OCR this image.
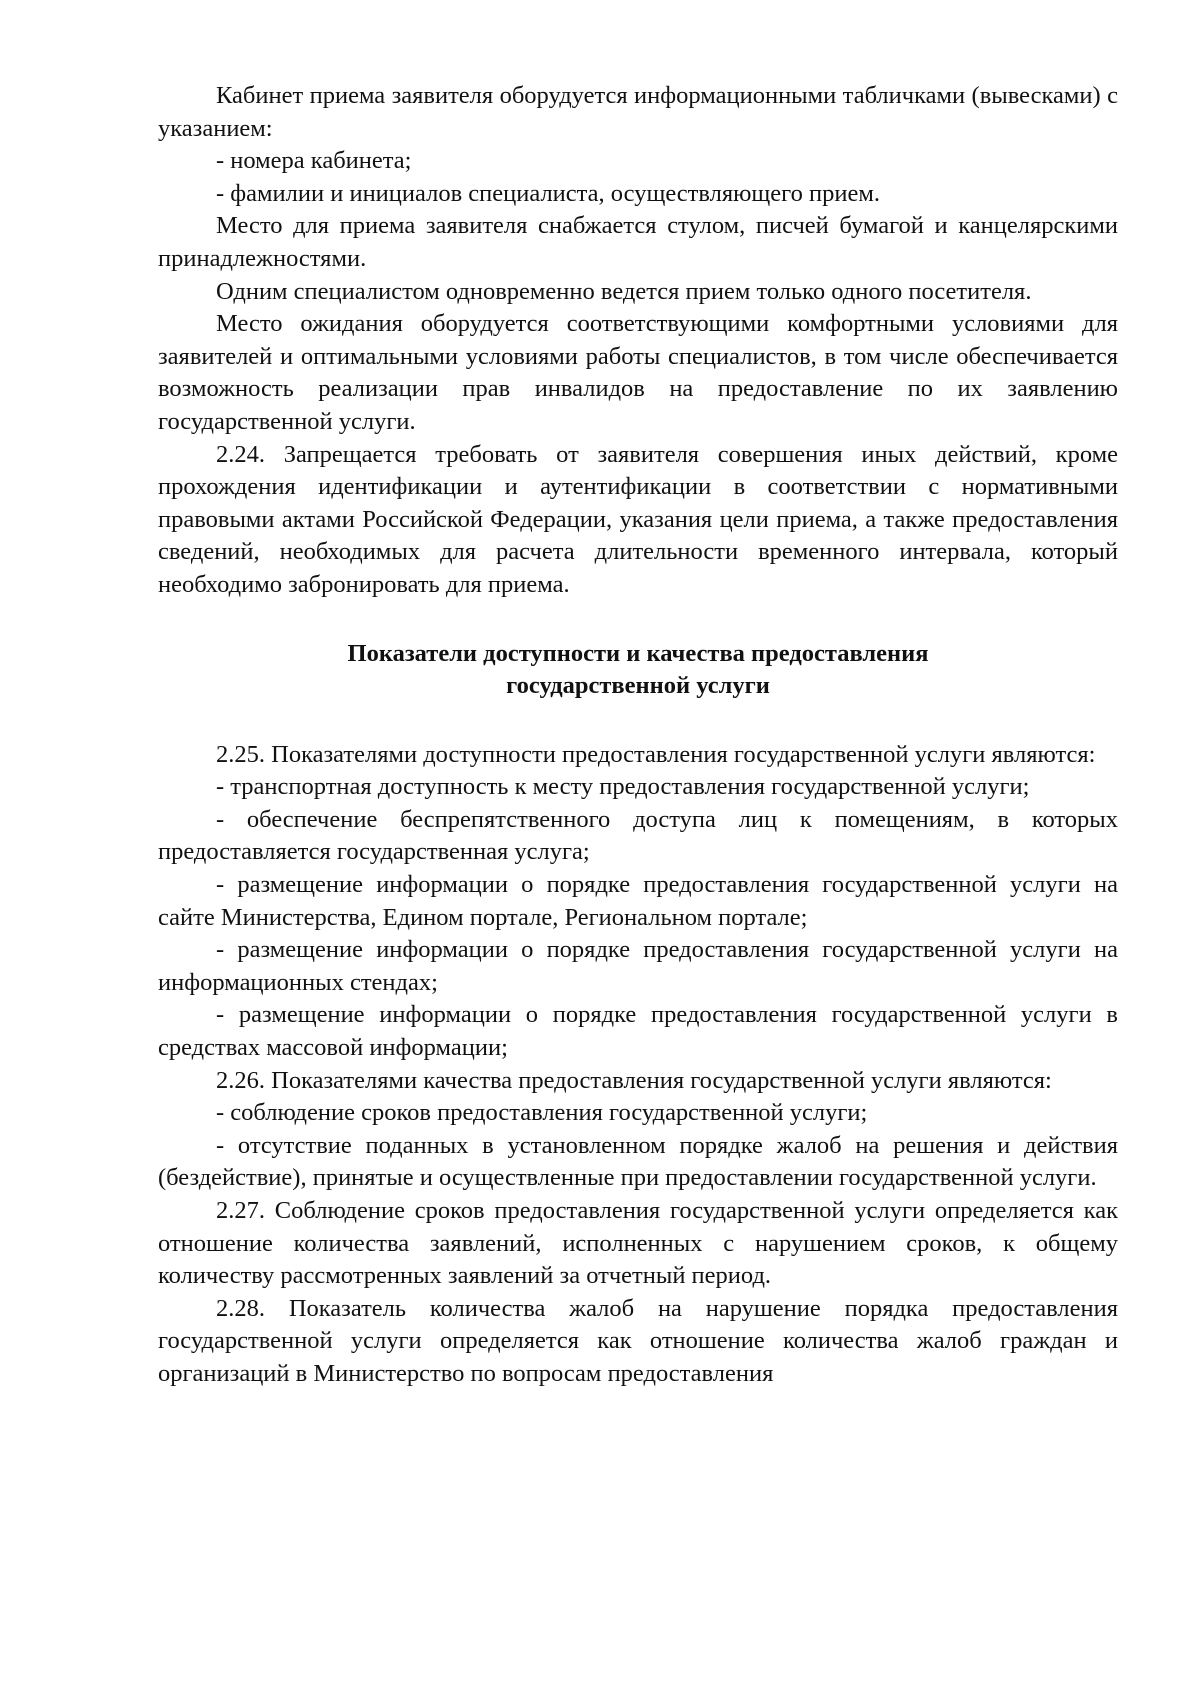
Кабинет приема заявителя оборудуется информационными табличками (вывесками) с указанием:

- номера кабинета;

- фамилии и инициалов специалиста, осуществляющего прием.

Место для приема заявителя снабжается стулом, писчей бумагой и канцелярскими принадлежностями.

Одним специалистом одновременно ведется прием только одного посетителя.

Место ожидания оборудуется соответствующими комфортными условиями для заявителей и оптимальными условиями работы специалистов, в том числе обеспечивается возможность реализации прав инвалидов на предоставление по их заявлению государственной услуги.

2.24. Запрещается требовать от заявителя совершения иных действий, кроме прохождения идентификации и аутентификации в соответствии с нормативными правовыми актами Российской Федерации, указания цели приема, а также предоставления сведений, необходимых для расчета длительности временного интервала, который необходимо забронировать для приема.

Показатели доступности и качества предоставления
государственной услуги

2.25. Показателями доступности предоставления государственной услуги являются:

- транспортная доступность к месту предоставления государственной услуги;

- обеспечение беспрепятственного доступа лиц к помещениям, в которых предоставляется государственная услуга;

- размещение информации о порядке предоставления государственной услуги на сайте Министерства, Едином портале, Региональном портале;

- размещение информации о порядке предоставления государственной услуги на информационных стендах;

- размещение информации о порядке предоставления государственной услуги в средствах массовой информации;

2.26. Показателями качества предоставления государственной услуги являются:

- соблюдение сроков предоставления государственной услуги;

- отсутствие поданных в установленном порядке жалоб на решения и действия (бездействие), принятые и осуществленные при предоставлении государственной услуги.

2.27. Соблюдение сроков предоставления государственной услуги определяется как отношение количества заявлений, исполненных с нарушением сроков, к общему количеству рассмотренных заявлений за отчетный период.

2.28. Показатель количества жалоб на нарушение порядка предоставления государственной услуги определяется как отношение количества жалоб граждан и организаций в Министерство по вопросам предоставления
